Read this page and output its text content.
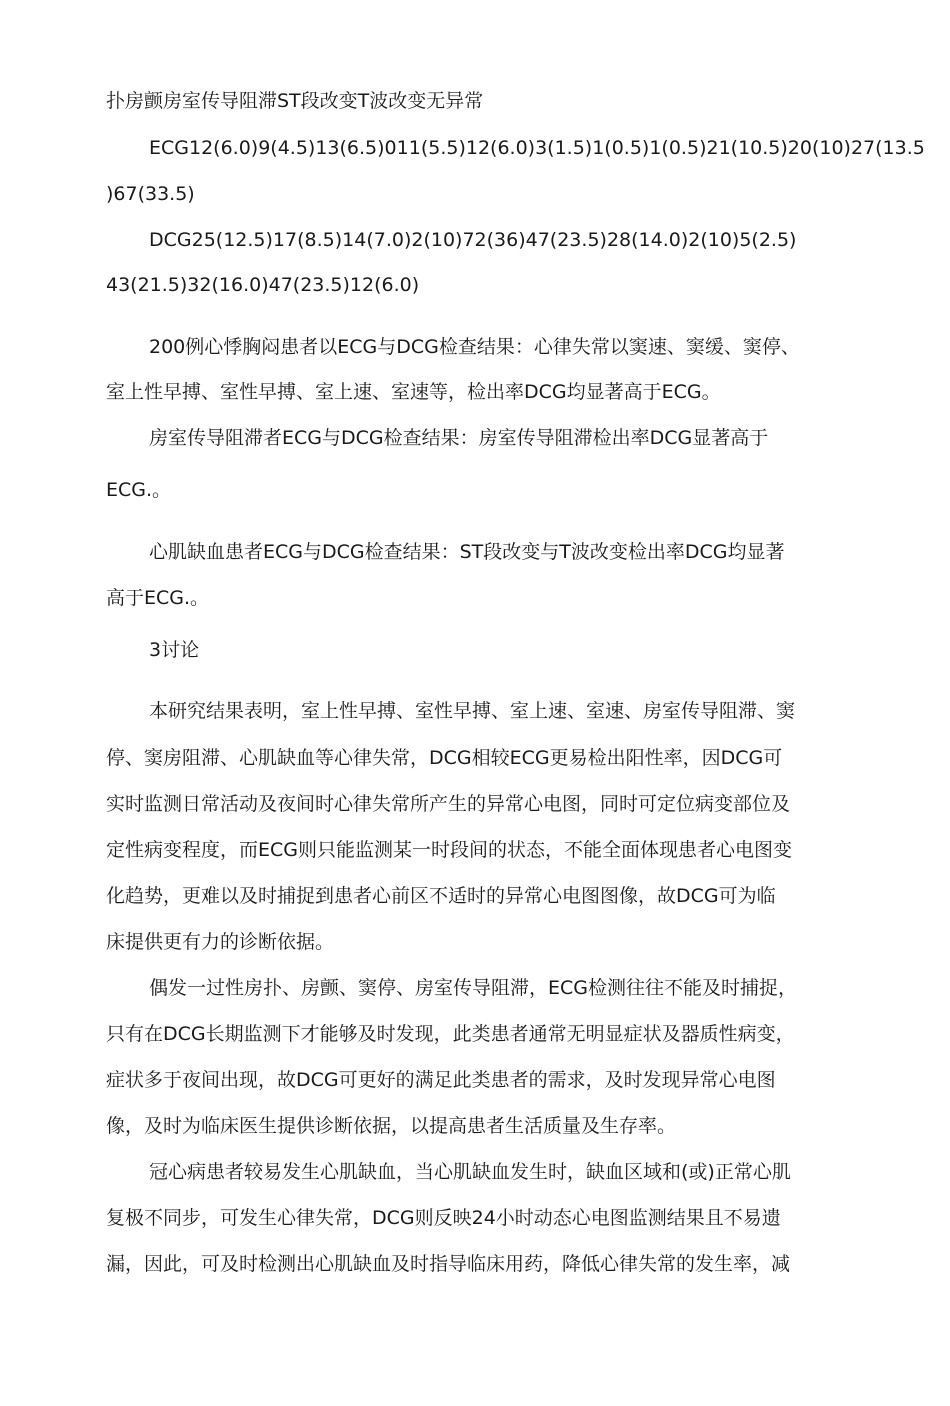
扑房颤房室传导阻滞ST段改变T波改变无异常
ECG12(6.0)9(4.5)13(6.5)011(5.5)12(6.0)3(1.5)1(0.5)1(0.5)21(10.5)20(10)27(13.5
)67(33.5)
DCG25(12.5)17(8.5)14(7.0)2(10)72(36)47(23.5)28(14.0)2(10)5(2.5)
43(21.5)32(16.0)47(23.5)12(6.0)
200例心悸胸闷患者以ECG与DCG检查结果：心律失常以窦速、窦缓、窦停、
室上性早搏、室性早搏、室上速、室速等，检出率DCG均显著高于ECG。
房室传导阻滞者ECG与DCG检查结果：房室传导阻滞检出率DCG显著高于
ECG.。
心肌缺血患者ECG与DCG检查结果：ST段改变与T波改变检出率DCG均显著
高于ECG.。
3讨论
本研究结果表明，室上性早搏、室性早搏、室上速、室速、房室传导阻滞、窦
停、窦房阻滞、心肌缺血等心律失常，DCG相较ECG更易检出阳性率，因DCG可
实时监测日常活动及夜间时心律失常所产生的异常心电图，同时可定位病变部位及
定性病变程度，而ECG则只能监测某一时段间的状态，不能全面体现患者心电图变
化趋势，更难以及时捕捉到患者心前区不适时的异常心电图图像，故DCG可为临
床提供更有力的诊断依据。
偶发一过性房扑、房颤、窦停、房室传导阻滞，ECG检测往往不能及时捕捉，
只有在DCG长期监测下才能够及时发现，此类患者通常无明显症状及器质性病变，
症状多于夜间出现，故DCG可更好的满足此类患者的需求，及时发现异常心电图
像，及时为临床医生提供诊断依据，以提高患者生活质量及生存率。
冠心病患者较易发生心肌缺血，当心肌缺血发生时，缺血区域和(或)正常心肌
复极不同步，可发生心律失常，DCG则反映24小时动态心电图监测结果且不易遗
漏，因此，可及时检测出心肌缺血及时指导临床用药，降低心律失常的发生率，减
